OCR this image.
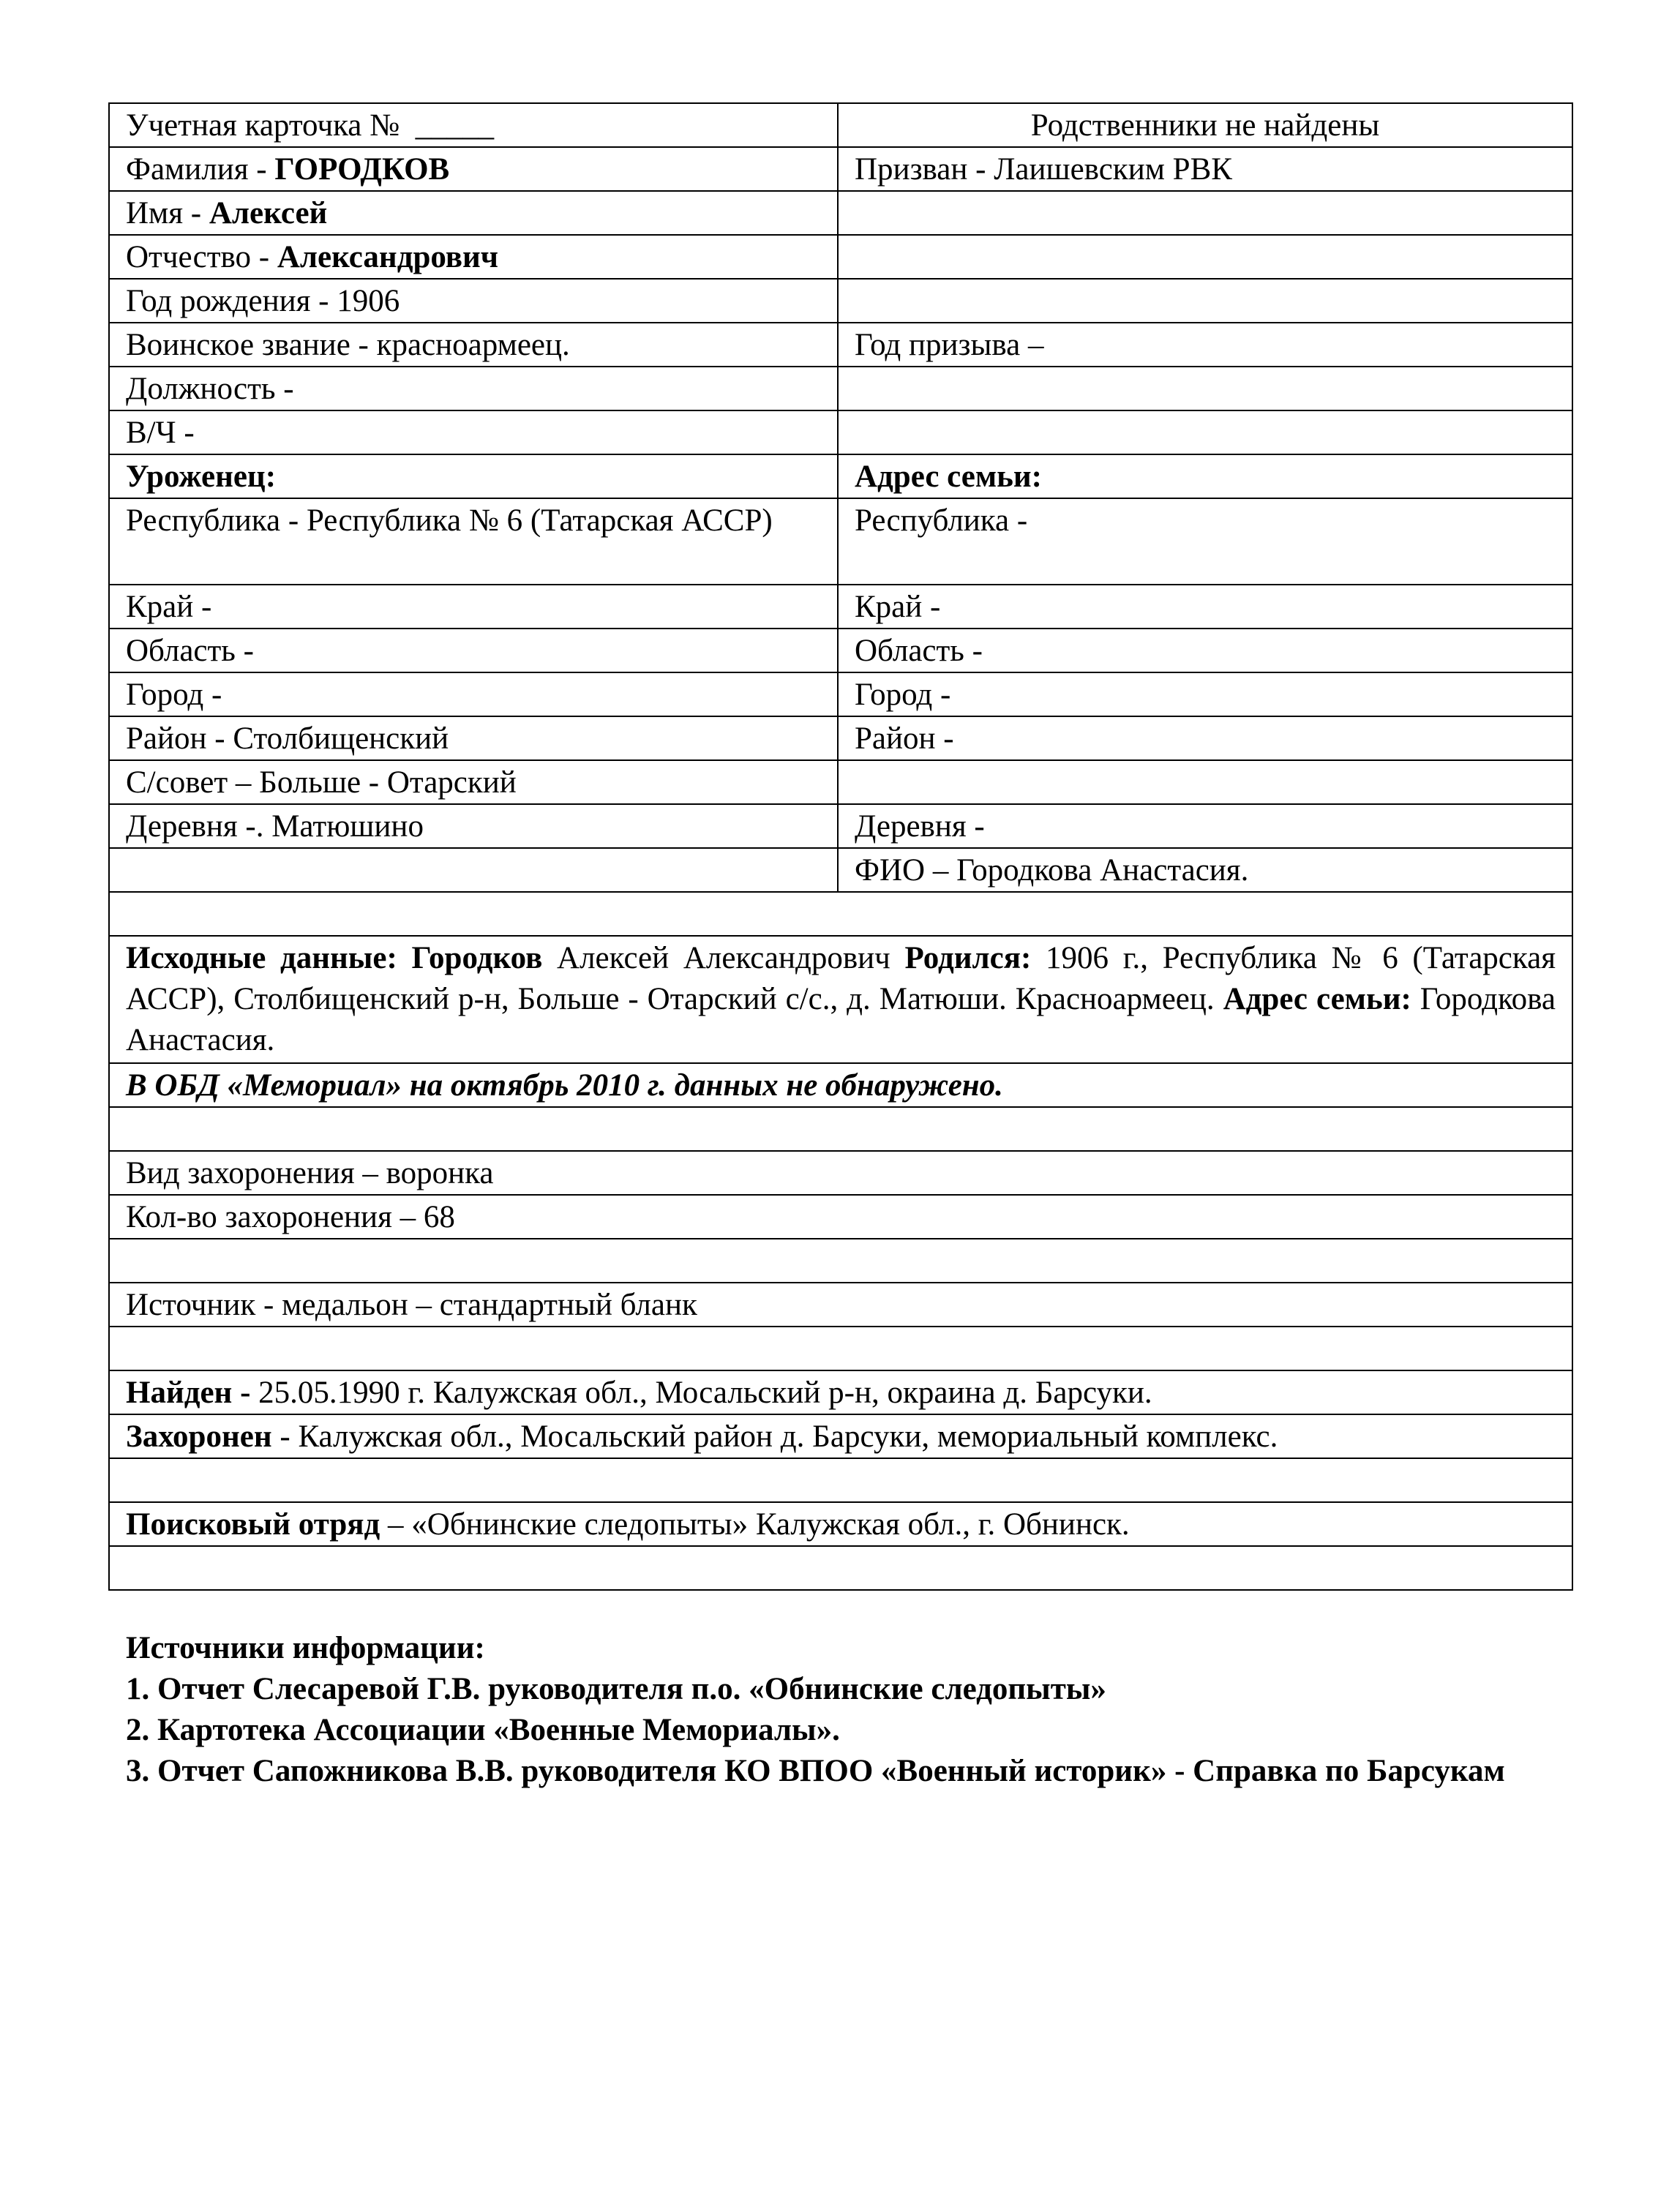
Учетная карточка № _____	Родственники не найдены
Фамилия - ГОРОДКОВ	Призван - Лаишевским РВК
Имя - Алексей	
Отчество - Александрович	
Год рождения - 1906	
Воинское звание - красноармеец.	Год призыва –
Должность -	
В/Ч -	
Уроженец:	Адрес семьи:
Республика - Республика № 6 (Татарская АССР)	Республика -
Край -	Край -
Область -	Область -
Город -	Город -
Район - Столбищенский	Район -
С/совет – Больше - Отарский	
Деревня -. Матюшино	Деревня -
	ФИО – Городкова Анастасия.

Исходные данные: Городков Алексей Александрович Родился: 1906 г., Республика № 6 (Татарская АССР), Столбищенский р-н, Больше - Отарский с/с., д. Матюши. Красноармеец. Адрес семьи: Городкова Анастасия.	
В ОБД «Мемориал» на октябрь 2010 г. данных не обнаружено.	

Вид захоронения – воронка	
Кол-во захоронения – 68	

Источник - медальон – стандартный бланк	

Найден - 25.05.1990 г. Калужская обл., Мосальский р-н, окраина д. Барсуки.	
Захоронен - Калужская обл., Мосальский район д. Барсуки, мемориальный комплекс.	

Поисковый отряд – «Обнинские следопыты» Калужская обл., г. Обнинск.	

Источники информации:
1. Отчет Слесаревой Г.В. руководителя п.о. «Обнинские следопыты»
2. Картотека Ассоциации «Военные Мемориалы».
3. Отчет Сапожникова В.В. руководителя КО ВПОО «Военный историк» - Справка по Барсукам
